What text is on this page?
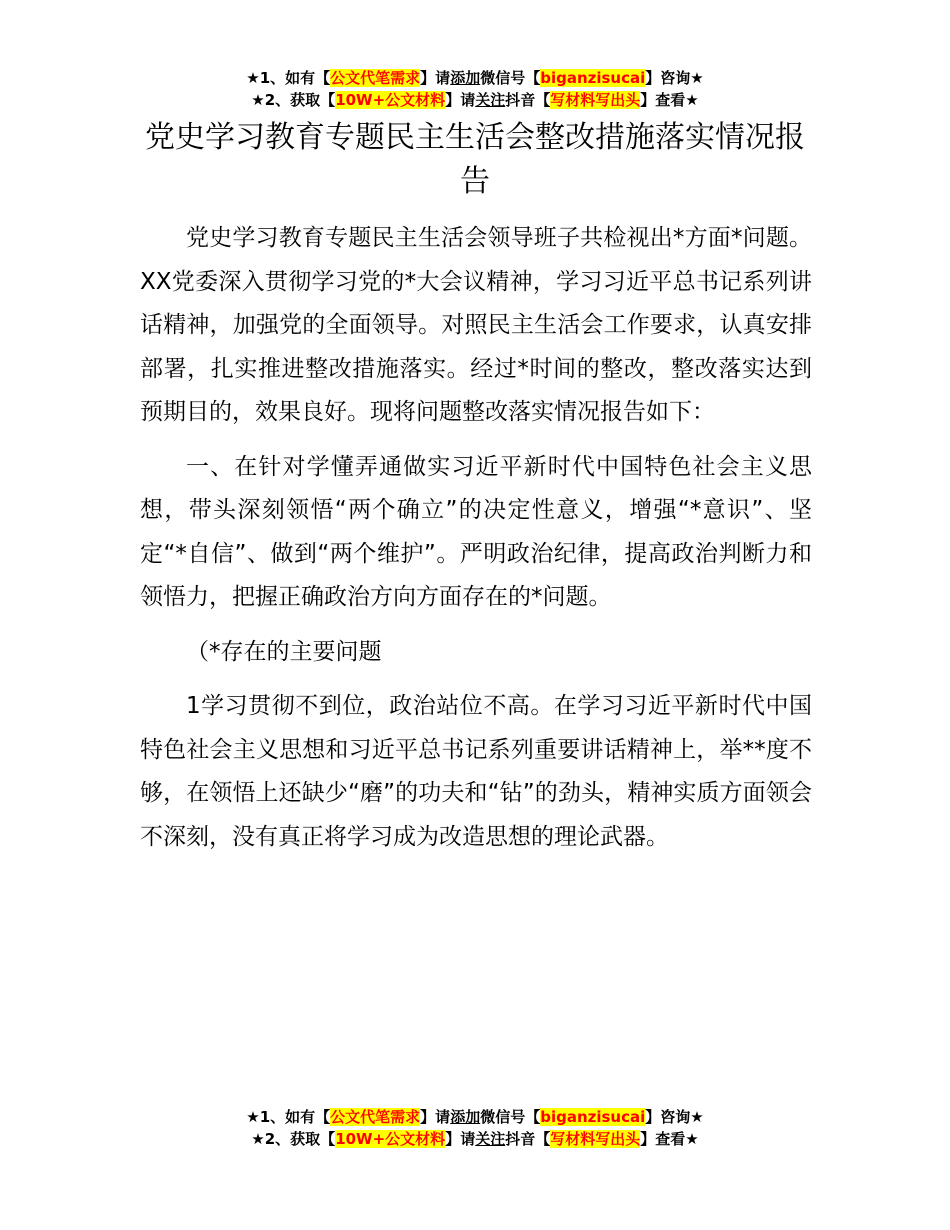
★1、如有【公文代笔需求】请添加微信号【biganzisucai】咨询★
★2、获取【10W+公文材料】请关注抖音【写材料写出头】查看★
党史学习教育专题民主生活会整改措施落实情况报告

党史学习教育专题民主生活会领导班子共检视出*方面*问题。XX党委深入贯彻学习党的*大会议精神，学习习近平总书记系列讲话精神，加强党的全面领导。对照民主生活会工作要求，认真安排部署，扎实推进整改措施落实。经过*时间的整改，整改落实达到预期目的，效果良好。现将问题整改落实情况报告如下：

一、在针对学懂弄通做实习近平新时代中国特色社会主义思想，带头深刻领悟“两个确立”的决定性意义，增强“*意识”、坚定“*自信”、做到“两个维护”。严明政治纪律，提高政治判断力和领悟力，把握正确政治方向方面存在的*问题。

（*存在的主要问题

1学习贯彻不到位，政治站位不高。在学习习近平新时代中国特色社会主义思想和习近平总书记系列重要讲话精神上，举**度不够，在领悟上还缺少“磨”的功夫和“钻”的劲头，精神实质方面领会不深刻，没有真正将学习成为改造思想的理论武器。

★1、如有【公文代笔需求】请添加微信号【biganzisucai】咨询★
★2、获取【10W+公文材料】请关注抖音【写材料写出头】查看★
